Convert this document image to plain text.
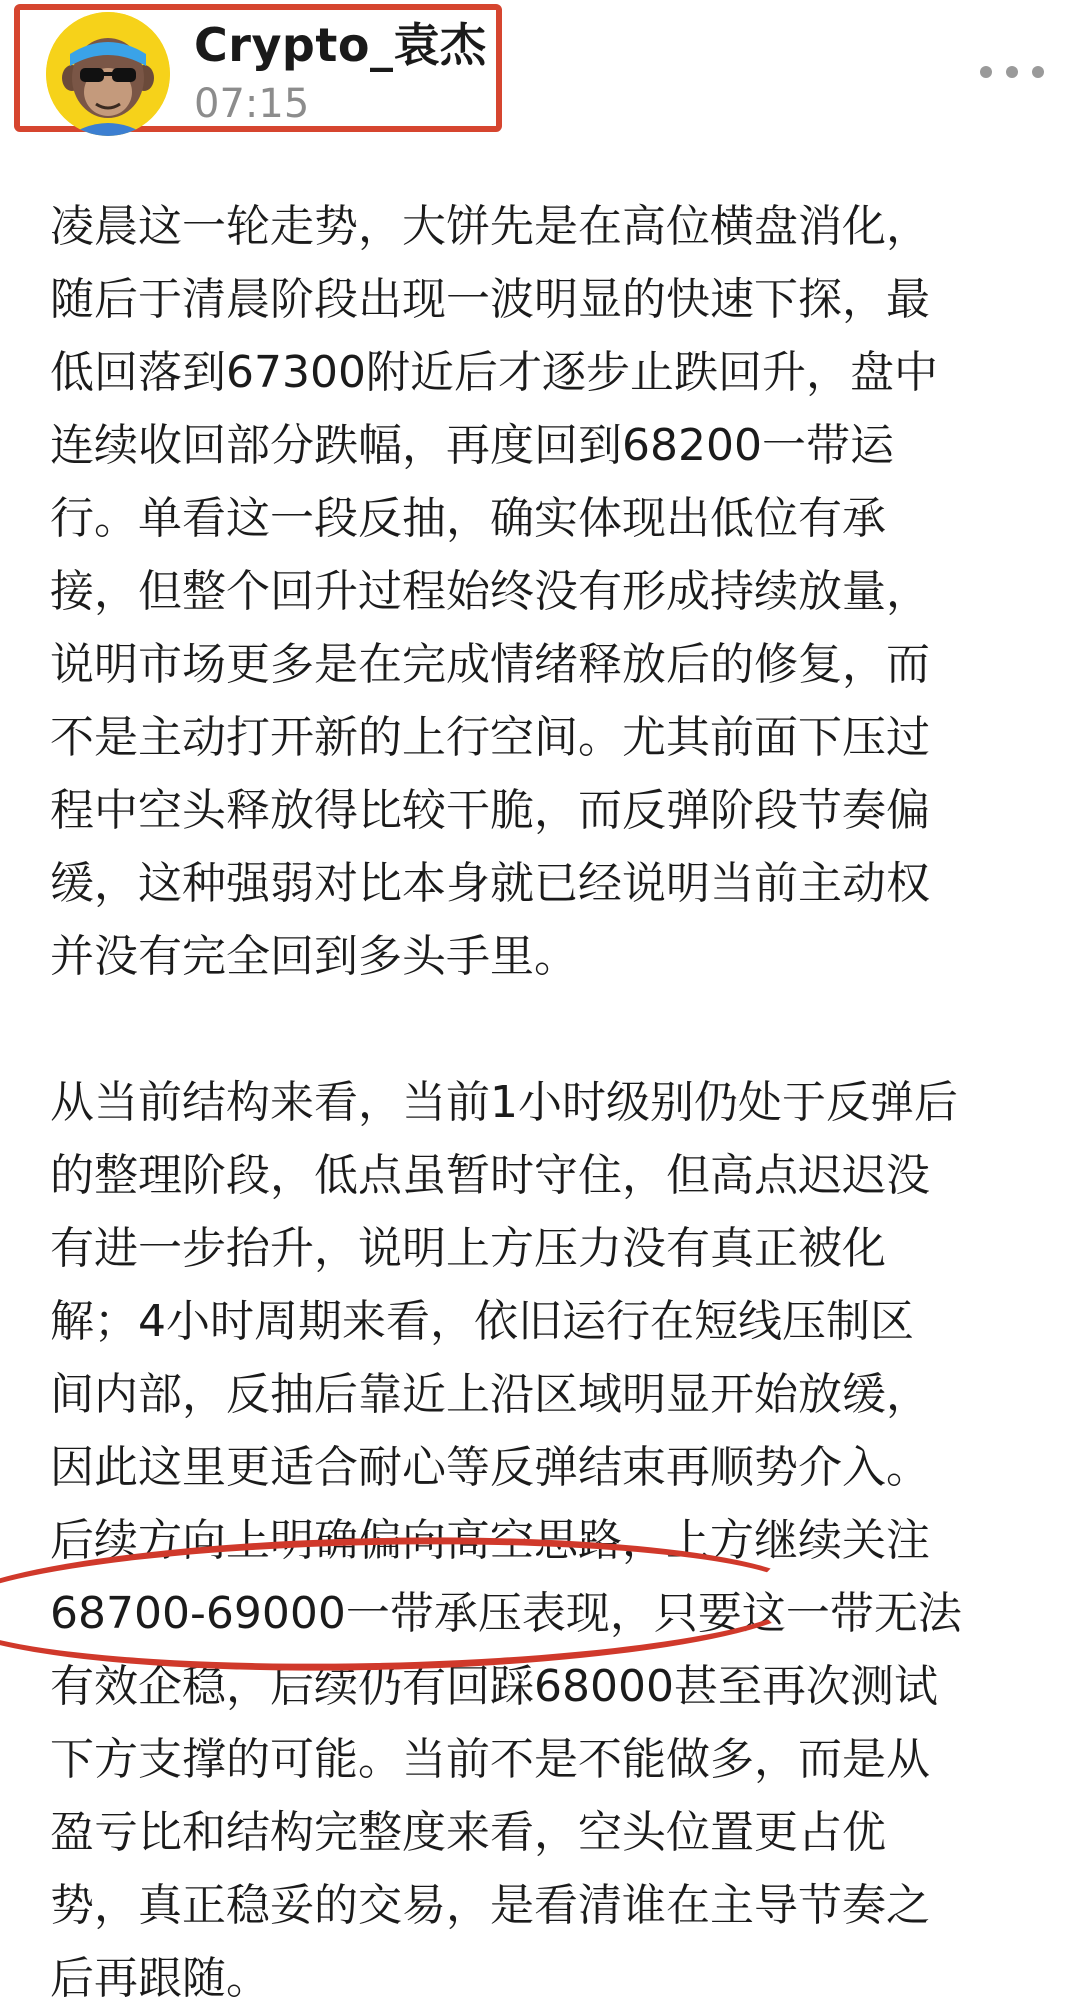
Crypto_袁杰
07:15

凌晨这一轮走势，大饼先是在高位横盘消化，
随后于清晨阶段出现一波明显的快速下探，最
低回落到67300附近后才逐步止跌回升，盘中
连续收回部分跌幅，再度回到68200一带运
行。单看这一段反抽，确实体现出低位有承
接，但整个回升过程始终没有形成持续放量，
说明市场更多是在完成情绪释放后的修复，而
不是主动打开新的上行空间。尤其前面下压过
程中空头释放得比较干脆，而反弹阶段节奏偏
缓，这种强弱对比本身就已经说明当前主动权
并没有完全回到多头手里。

从当前结构来看，当前1小时级别仍处于反弹后
的整理阶段，低点虽暂时守住，但高点迟迟没
有进一步抬升，说明上方压力没有真正被化
解；4小时周期来看，依旧运行在短线压制区
间内部，反抽后靠近上沿区域明显开始放缓，
因此这里更适合耐心等反弹结束再顺势介入。
后续方向上明确偏向高空思路，上方继续关注
68700-69000一带承压表现，只要这一带无法
有效企稳，后续仍有回踩68000甚至再次测试
下方支撑的可能。当前不是不能做多，而是从
盈亏比和结构完整度来看，空头位置更占优
势，真正稳妥的交易，是看清谁在主导节奏之
后再跟随。
